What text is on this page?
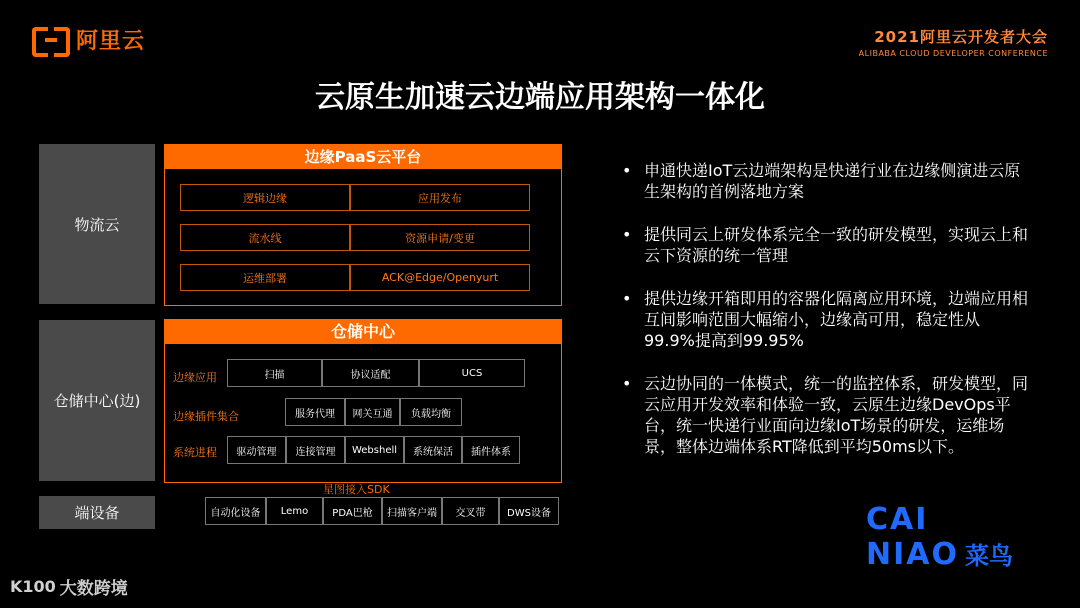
阿里云	2021阿里云开发者大会
ALIBABA CLOUD DEVELOPER CONFERENCE
云原生加速云边端应用架构一体化
物流云
仓储中心(边)
端设备
边缘PaaS云平台
逻辑边缘	应用发布
流水线	资源申请/变更
运维部署	ACK@Edge/Openyurt
仓储中心
边缘应用	扫描	协议适配	UCS
边缘插件集合	服务代理	网关互通	负载均衡
系统进程	驱动管理	连接管理	Webshell	系统保活	插件体系
星图接入SDK
自动化设备	Lemo	PDA巴枪	扫描客户端	交叉带	DWS设备
• 申通快递IoT云边端架构是快递行业在边缘侧演进云原生架构的首例落地方案
• 提供同云上研发体系完全一致的研发模型，实现云上和云下资源的统一管理
• 提供边缘开箱即用的容器化隔离应用环境，边端应用相互间影响范围大幅缩小，边缘高可用，稳定性从99.9%提高到99.95%
• 云边协同的一体模式，统一的监控体系，研发模型，同云应用开发效率和体验一致，云原生边缘DevOps平台，统一快递行业面向边缘IoT场景的研发，运维场景，整体边端体系RT降低到平均50ms以下。
CAI
NIAO 菜鸟
K100 大数跨境
